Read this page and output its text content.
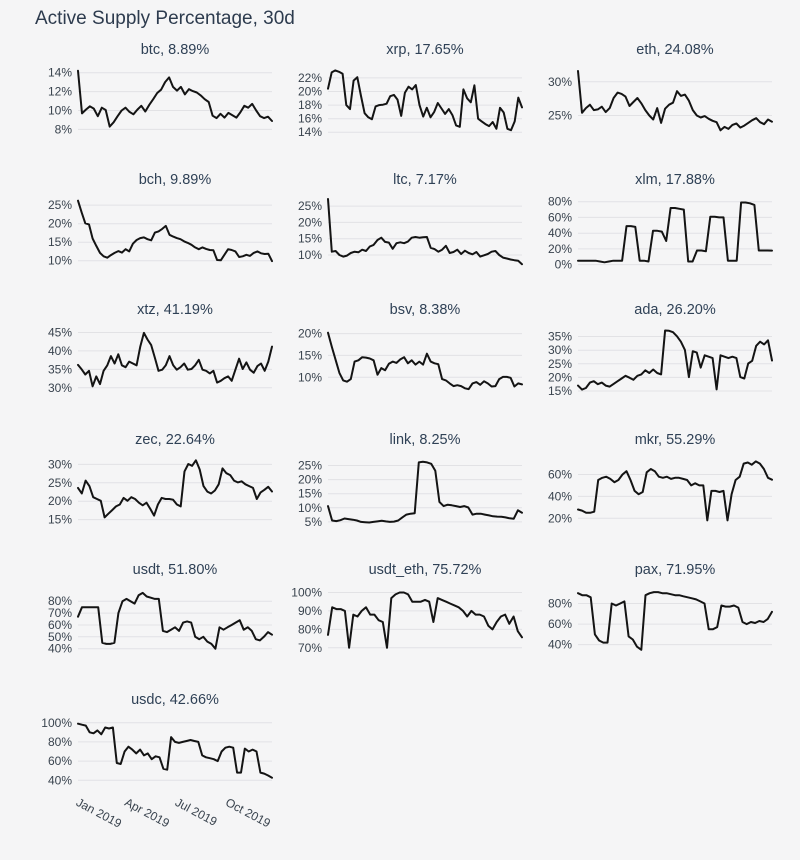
Active Supply Percentage, 30d
btc, 8.89%
8%
10%
12%
14%
xrp, 17.65%
14%
16%
18%
20%
22%
eth, 24.08%
25%
30%
bch, 9.89%
10%
15%
20%
25%
ltc, 7.17%
10%
15%
20%
25%
xlm, 17.88%
0%
20%
40%
60%
80%
xtz, 41.19%
30%
35%
40%
45%
bsv, 8.38%
10%
15%
20%
ada, 26.20%
15%
20%
25%
30%
35%
zec, 22.64%
15%
20%
25%
30%
link, 8.25%
5%
10%
15%
20%
25%
mkr, 55.29%
20%
40%
60%
usdt, 51.80%
40%
50%
60%
70%
80%
usdt_eth, 75.72%
70%
80%
90%
100%
pax, 71.95%
40%
60%
80%
usdc, 42.66%
40%
60%
80%
100%
Jan 2019
Apr 2019 Jul 2019 Oct 2019
